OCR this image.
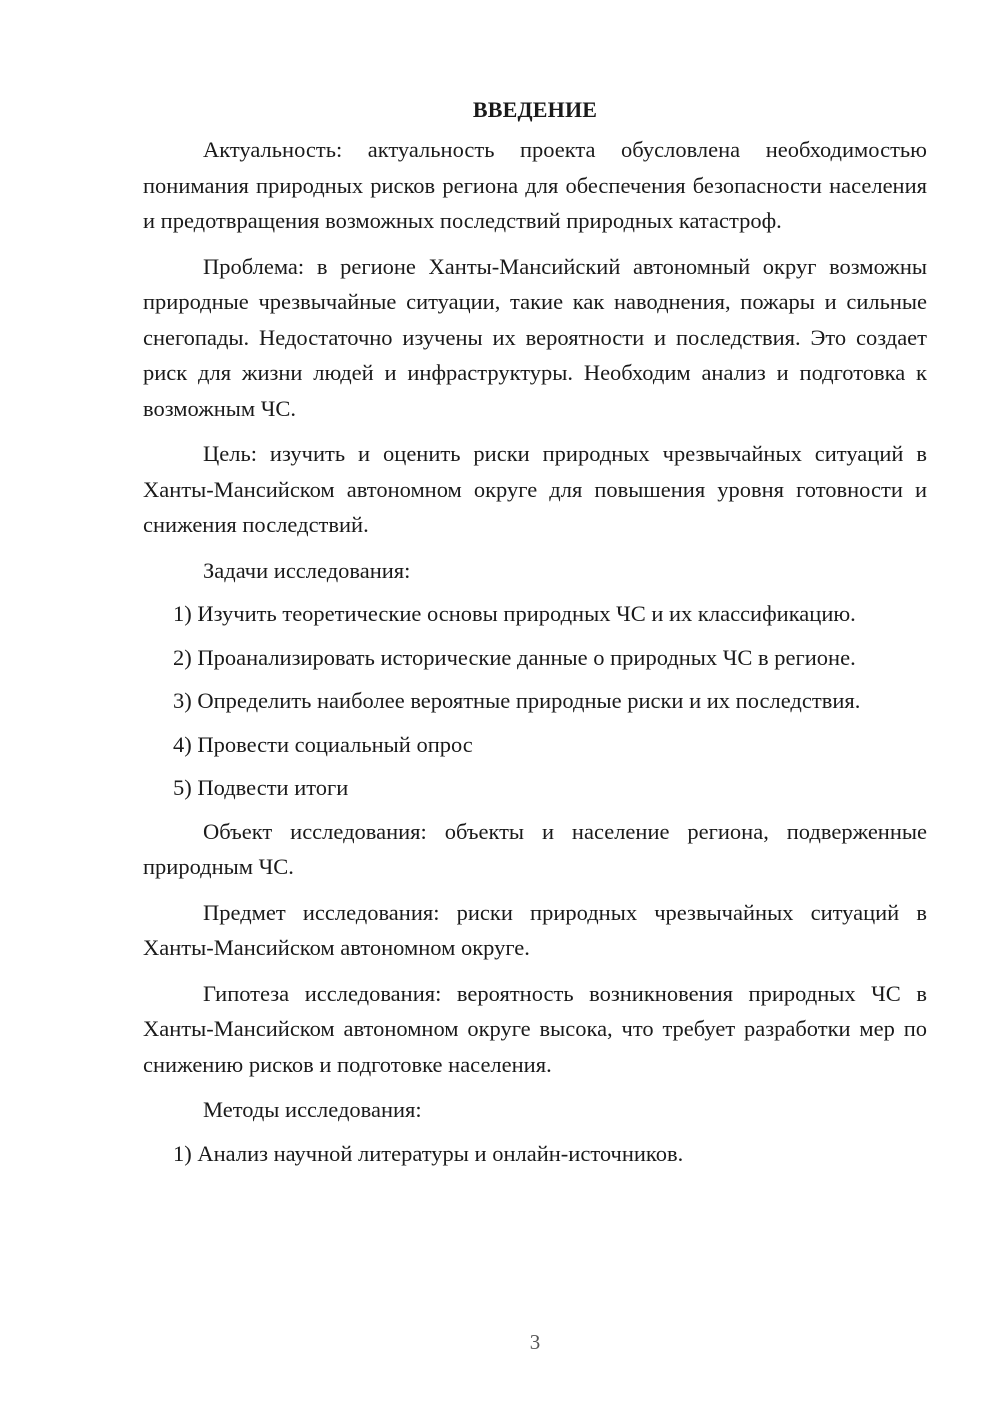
ВВЕДЕНИЕ

Актуальность: актуальность проекта обусловлена необходимостью понимания природных рисков региона для обеспечения безопасности населения и предотвращения возможных последствий природных катастроф.

Проблема: в регионе Ханты-Мансийский автономный округ возможны природные чрезвычайные ситуации, такие как наводнения, пожары и сильные снегопады. Недостаточно изучены их вероятности и последствия. Это создает риск для жизни людей и инфраструктуры. Необходим анализ и подготовка к возможным ЧС.

Цель: изучить и оценить риски природных чрезвычайных ситуаций в Ханты-Мансийском автономном округе для повышения уровня готовности и снижения последствий.

Задачи исследования:

1) Изучить теоретические основы природных ЧС и их классификацию.

2) Проанализировать исторические данные о природных ЧС в регионе.

3) Определить наиболее вероятные природные риски и их последствия.

4) Провести социальный опрос

5) Подвести итоги

Объект исследования: объекты и население региона, подверженные природным ЧС.

Предмет исследования: риски природных чрезвычайных ситуаций в Ханты-Мансийском автономном округе.

Гипотеза исследования: вероятность возникновения природных ЧС в Ханты-Мансийском автономном округе высока, что требует разработки мер по снижению рисков и подготовке населения.

Методы исследования:

1) Анализ научной литературы и онлайн-источников.

3
